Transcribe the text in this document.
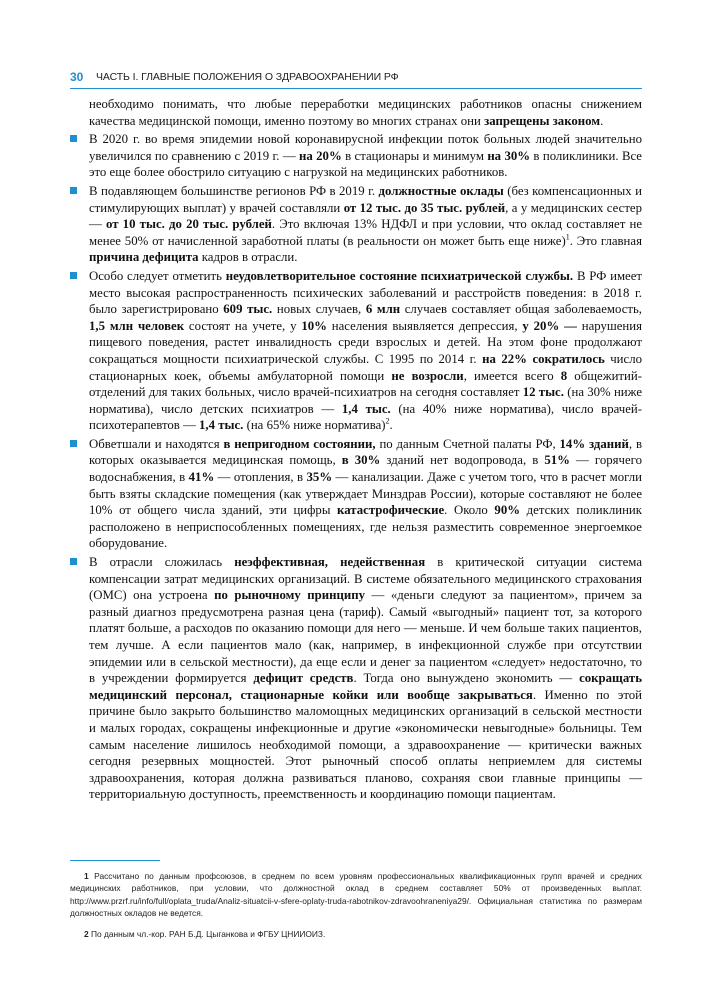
30 ЧАСТЬ I. ГЛАВНЫЕ ПОЛОЖЕНИЯ О ЗДРАВООХРАНЕНИИ РФ
необходимо понимать, что любые переработки медицинских работников опасны снижением качества медицинской помощи, именно поэтому во многих странах они запрещены законом.
В 2020 г. во время эпидемии новой коронавирусной инфекции поток больных людей значительно увеличился по сравнению с 2019 г. — на 20% в стационары и минимум на 30% в поликлиники. Все это еще более обострило ситуацию с нагрузкой на медицинских работников.
В подавляющем большинстве регионов РФ в 2019 г. должностные оклады (без компенсационных и стимулирующих выплат) у врачей составляли от 12 тыс. до 35 тыс. рублей, а у медицинских сестер — от 10 тыс. до 20 тыс. рублей. Это включая 13% НДФЛ и при условии, что оклад составляет не менее 50% от начисленной заработной платы (в реальности он может быть еще ниже)$^1$. Это главная причина дефицита кадров в отрасли.
Особо следует отметить неудовлетворительное состояние психиатрической службы. В РФ имеет место высокая распространенность психических заболеваний и расстройств поведения: в 2018 г. было зарегистрировано 609 тыс. новых случаев, 6 млн случаев составляет общая заболеваемость, 1,5 млн человек состоят на учете, у 10% населения выявляется депрессия, у 20% — нарушения пищевого поведения, растет инвалидность среди взрослых и детей. На этом фоне продолжают сокращаться мощности психиатрической службы. С 1995 по 2014 г. на 22% сократилось число стационарных коек, объемы амбулаторной помощи не возросли, имеется всего 8 общежитий-отделений для таких больных, число врачей-психиатров на сегодня составляет 12 тыс. (на 30% ниже норматива), число детских психиатров — 1,4 тыс. (на 40% ниже норматива), число врачей-психотерапевтов — 1,4 тыс. (на 65% ниже норматива)$^2$.
Обветшали и находятся в непригодном состоянии, по данным Счетной палаты РФ, 14% зданий, в которых оказывается медицинская помощь, в 30% зданий нет водопровода, в 51% — горячего водоснабжения, в 41% — отопления, в 35% — канализации. Даже с учетом того, что в расчет могли быть взяты складские помещения (как утверждает Минздрав России), которые составляют не более 10% от общего числа зданий, эти цифры катастрофические. Около 90% детских поликлиник расположено в неприспособленных помещениях, где нельзя разместить современное энергоемкое оборудование.
В отрасли сложилась неэффективная, недейственная в критической ситуации система компенсации затрат медицинских организаций. В системе обязательного медицинского страхования (ОМС) она устроена по рыночному принципу — «деньги следуют за пациентом», причем за разный диагноз предусмотрена разная цена (тариф). Самый «выгодный» пациент тот, за которого платят больше, а расходов по оказанию помощи для него — меньше. И чем больше таких пациентов, тем лучше. А если пациентов мало (как, например, в инфекционной службе при отсутствии эпидемии или в сельской местности), да еще если и денег за пациентом «следует» недостаточно, то в учреждении формируется дефицит средств. Тогда оно вынуждено экономить — сокращать медицинский персонал, стационарные койки или вообще закрываться. Именно по этой причине было закрыто большинство маломощных медицинских организаций в сельской местности и малых городах, сокращены инфекционные и другие «экономически невыгодные» больницы. Тем самым население лишилось необходимой помощи, а здравоохранение — критически важных сегодня резервных мощностей. Этот рыночный способ оплаты неприемлем для системы здравоохранения, которая должна развиваться планово, сохраняя свои главные принципы — территориальную доступность, преемственность и координацию помощи пациентам.
1 Рассчитано по данным профсоюзов, в среднем по всем уровням профессиональных квалификационных групп врачей и средних медицинских работников, при условии, что должностной оклад в среднем составляет 50% от произведенных выплат. http://www.przrf.ru/info/full/oplata_truda/Analiz-situatcii-v-sfere-oplaty-truda-rabotnikov-zdravoohraneniya29/. Официальная статистика по размерам должностных окладов не ведется.
2 По данным чл.-кор. РАН Б.Д. Цыганкова и ФГБУ ЦНИИОИЗ.
